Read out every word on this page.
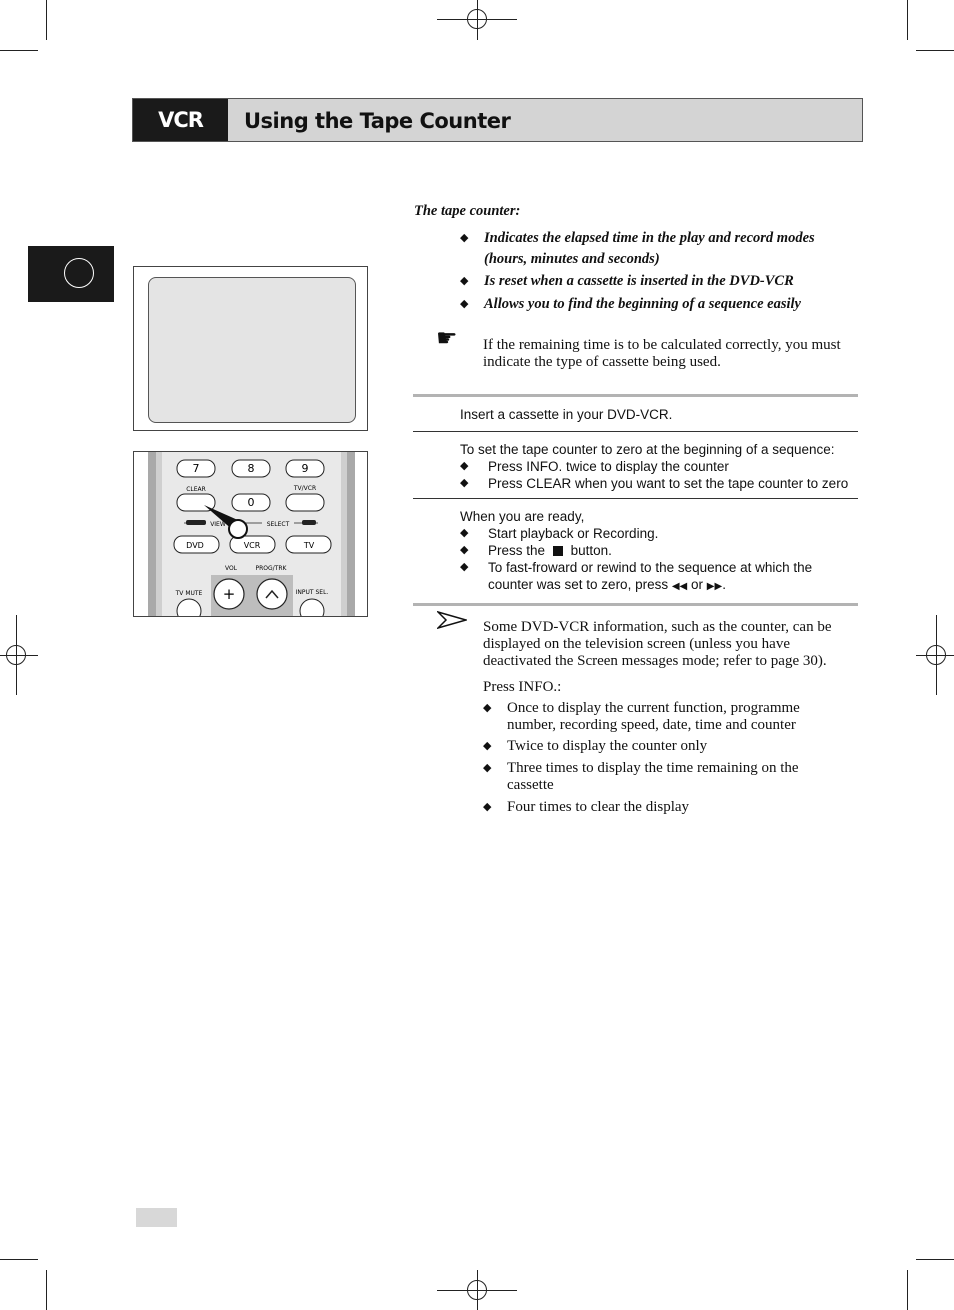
VCR	Using the Tape Counter
7	8	9
CLEAR	TV/VCR
0
VIEW	SELECT
DVD	VCR	TV
VOL	PROG/TRK
+
TV MUTE	INPUT SEL.
The tape counter:
◆ Indicates the elapsed time in the play and record modes (hours, minutes and seconds)
◆ Is reset when a cassette is inserted in the DVD-VCR
◆ Allows you to find the beginning of a sequence easily
☛ If the remaining time is to be calculated correctly, you must indicate the type of cassette being used.
Insert a cassette in your DVD-VCR.
To set the tape counter to zero at the beginning of a sequence:
◆ Press INFO. twice to display the counter
◆ Press CLEAR when you want to set the tape counter to zero
When you are ready,
◆ Start playback or Recording.
◆ Press the button.
◆ To fast-froward or rewind to the sequence at which the counter was set to zero, press ◀◀ or ▶▶.
Some DVD-VCR information, such as the counter, can be displayed on the television screen (unless you have deactivated the Screen messages mode; refer to page 30).
Press INFO.:
◆ Once to display the current function, programme number, recording speed, date, time and counter
◆ Twice to display the counter only
◆ Three times to display the time remaining on the cassette
◆ Four times to clear the display
